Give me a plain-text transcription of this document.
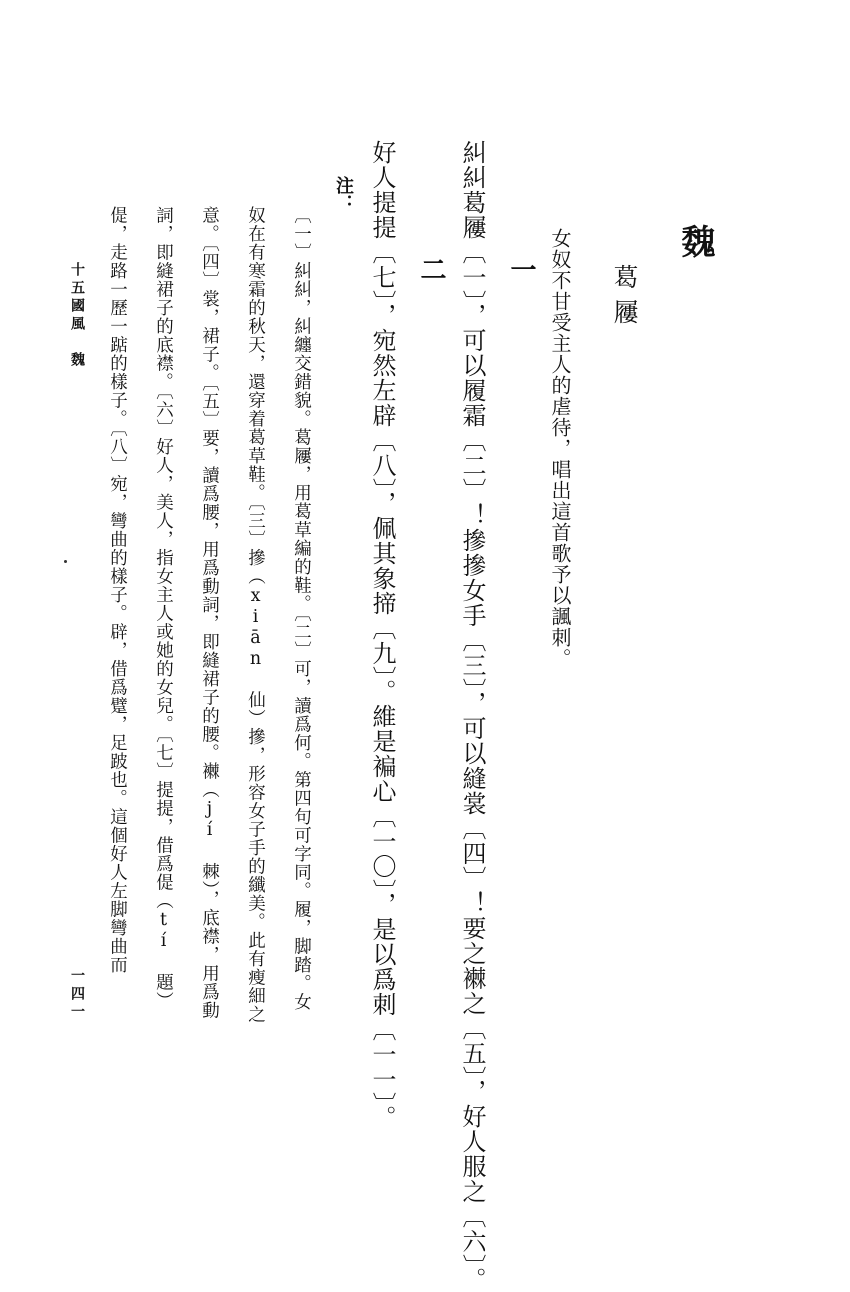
魏
葛屨
女奴不甘受主人的虐待，唱出這首歌予以諷刺。
一
糾糾葛屨〔一〕，可以履霜〔二〕！摻摻女手〔三〕，可以縫裳〔四〕！要之襋之〔五〕，好人服之〔六〕。
二
好人提提〔七〕，宛然左辟〔八〕，佩其象揥〔九〕。維是褊心〔一〇〕，是以爲刺〔一一〕。
注：
〔一〕糾糾，糾纏交錯貌。葛屨，用葛草編的鞋。〔二〕可，讀爲何。第四句可字同。履，脚踏。女
奴在有寒霜的秋天，還穿着葛草鞋。〔三〕摻（xiān 仙）摻，形容女子手的纖美。此有瘦細之
意。〔四〕裳，裙子。〔五〕要，讀爲腰，用爲動詞，即縫裙子的腰。襋（jí 棘），底襟，用爲動
詞，即縫裙子的底襟。〔六〕好人，美人，指女主人或她的女兒。〔七〕提提，借爲偍（tí 題）
偍，走路一歷一踮的樣子。〔八〕宛，彎曲的樣子。辟，借爲躄，足跛也。這個好人左脚彎曲而
十五國風　魏
一四一
